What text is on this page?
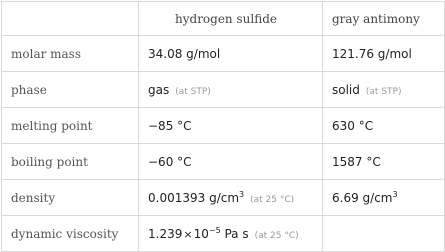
	hydrogen sulfide	gray antimony
molar mass	34.08 g/mol	121.76 g/mol
phase	gas (at STP)	solid (at STP)
melting point	−85 °C	630 °C
boiling point	−60 °C	1587 °C
density	0.001393 $g/cm^3(at$ 25 °C)	6.69 $g/cm^3$
dynamic viscosity	$1.239\times 10^{-5}$ Pa s (at 25 °C)	
